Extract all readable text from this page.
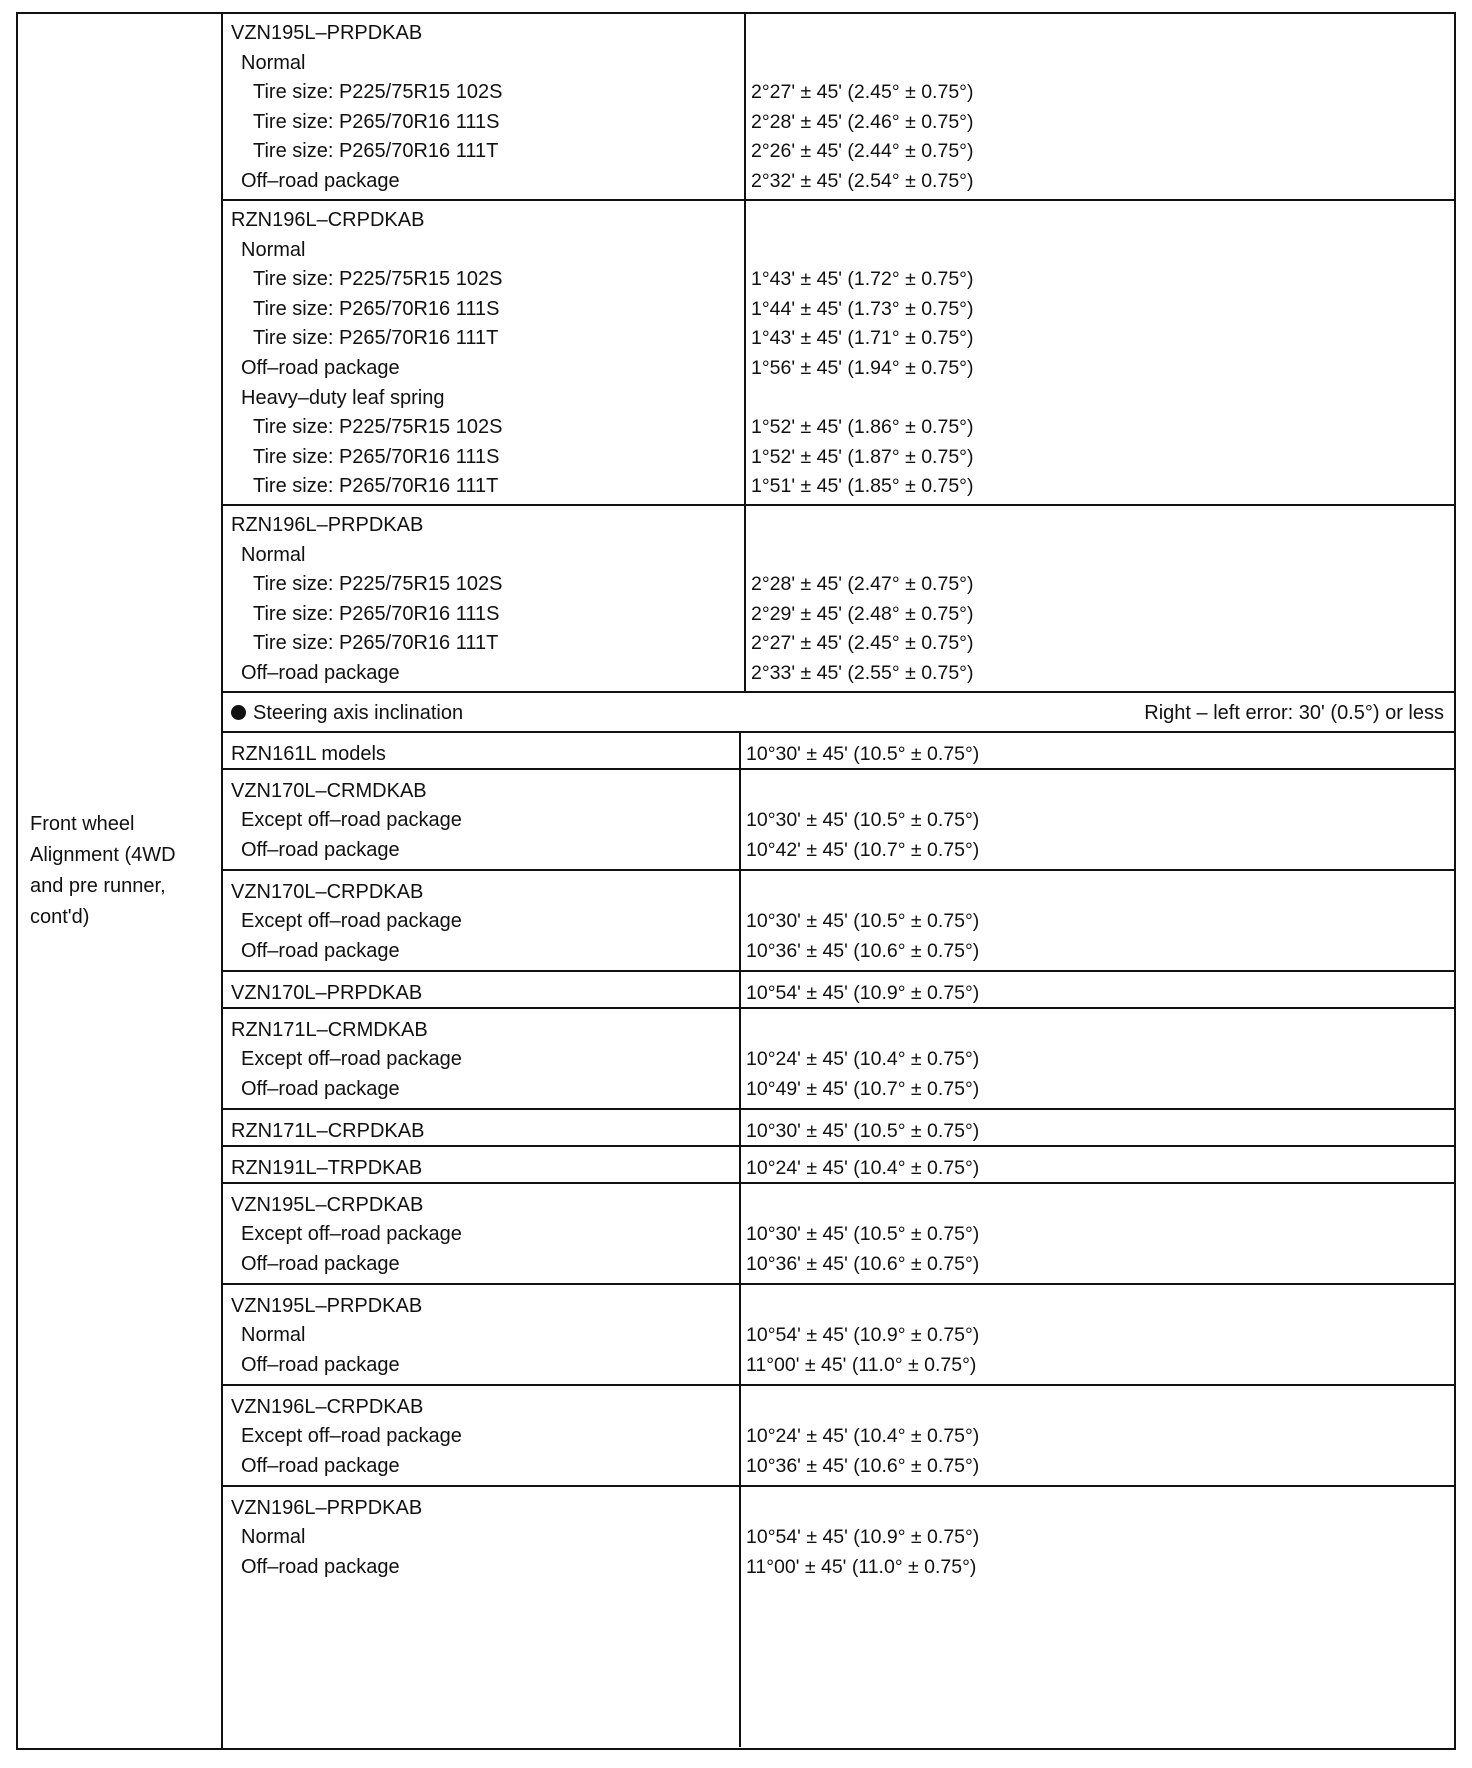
Front wheel
Alignment (4WD
and pre runner,
cont'd)
VZN195L–PRPDKAB
Normal
Tire size: P225/75R15 102S	2°27' ± 45' (2.45° ± 0.75°)
Tire size: P265/70R16 111S	2°28' ± 45' (2.46° ± 0.75°)
Tire size: P265/70R16 111T	2°26' ± 45' (2.44° ± 0.75°)
Off–road package	2°32' ± 45' (2.54° ± 0.75°)
RZN196L–CRPDKAB
Normal
Tire size: P225/75R15 102S	1°43' ± 45' (1.72° ± 0.75°)
Tire size: P265/70R16 111S	1°44' ± 45' (1.73° ± 0.75°)
Tire size: P265/70R16 111T	1°43' ± 45' (1.71° ± 0.75°)
Off–road package	1°56' ± 45' (1.94° ± 0.75°)
Heavy–duty leaf spring
Tire size: P225/75R15 102S	1°52' ± 45' (1.86° ± 0.75°)
Tire size: P265/70R16 111S	1°52' ± 45' (1.87° ± 0.75°)
Tire size: P265/70R16 111T	1°51' ± 45' (1.85° ± 0.75°)
RZN196L–PRPDKAB
Normal
Tire size: P225/75R15 102S	2°28' ± 45' (2.47° ± 0.75°)
Tire size: P265/70R16 111S	2°29' ± 45' (2.48° ± 0.75°)
Tire size: P265/70R16 111T	2°27' ± 45' (2.45° ± 0.75°)
Off–road package	2°33' ± 45' (2.55° ± 0.75°)
Steering axis inclination	Right – left error: 30' (0.5°) or less
RZN161L models	10°30' ± 45' (10.5° ± 0.75°)
VZN170L–CRMDKAB
Except off–road package	10°30' ± 45' (10.5° ± 0.75°)
Off–road package	10°42' ± 45' (10.7° ± 0.75°)
VZN170L–CRPDKAB
Except off–road package	10°30' ± 45' (10.5° ± 0.75°)
Off–road package	10°36' ± 45' (10.6° ± 0.75°)
VZN170L–PRPDKAB	10°54' ± 45' (10.9° ± 0.75°)
RZN171L–CRMDKAB
Except off–road package	10°24' ± 45' (10.4° ± 0.75°)
Off–road package	10°49' ± 45' (10.7° ± 0.75°)
RZN171L–CRPDKAB	10°30' ± 45' (10.5° ± 0.75°)
RZN191L–TRPDKAB	10°24' ± 45' (10.4° ± 0.75°)
VZN195L–CRPDKAB
Except off–road package	10°30' ± 45' (10.5° ± 0.75°)
Off–road package	10°36' ± 45' (10.6° ± 0.75°)
VZN195L–PRPDKAB
Normal	10°54' ± 45' (10.9° ± 0.75°)
Off–road package	11°00' ± 45' (11.0° ± 0.75°)
VZN196L–CRPDKAB
Except off–road package	10°24' ± 45' (10.4° ± 0.75°)
Off–road package	10°36' ± 45' (10.6° ± 0.75°)
VZN196L–PRPDKAB
Normal	10°54' ± 45' (10.9° ± 0.75°)
Off–road package	11°00' ± 45' (11.0° ± 0.75°)
